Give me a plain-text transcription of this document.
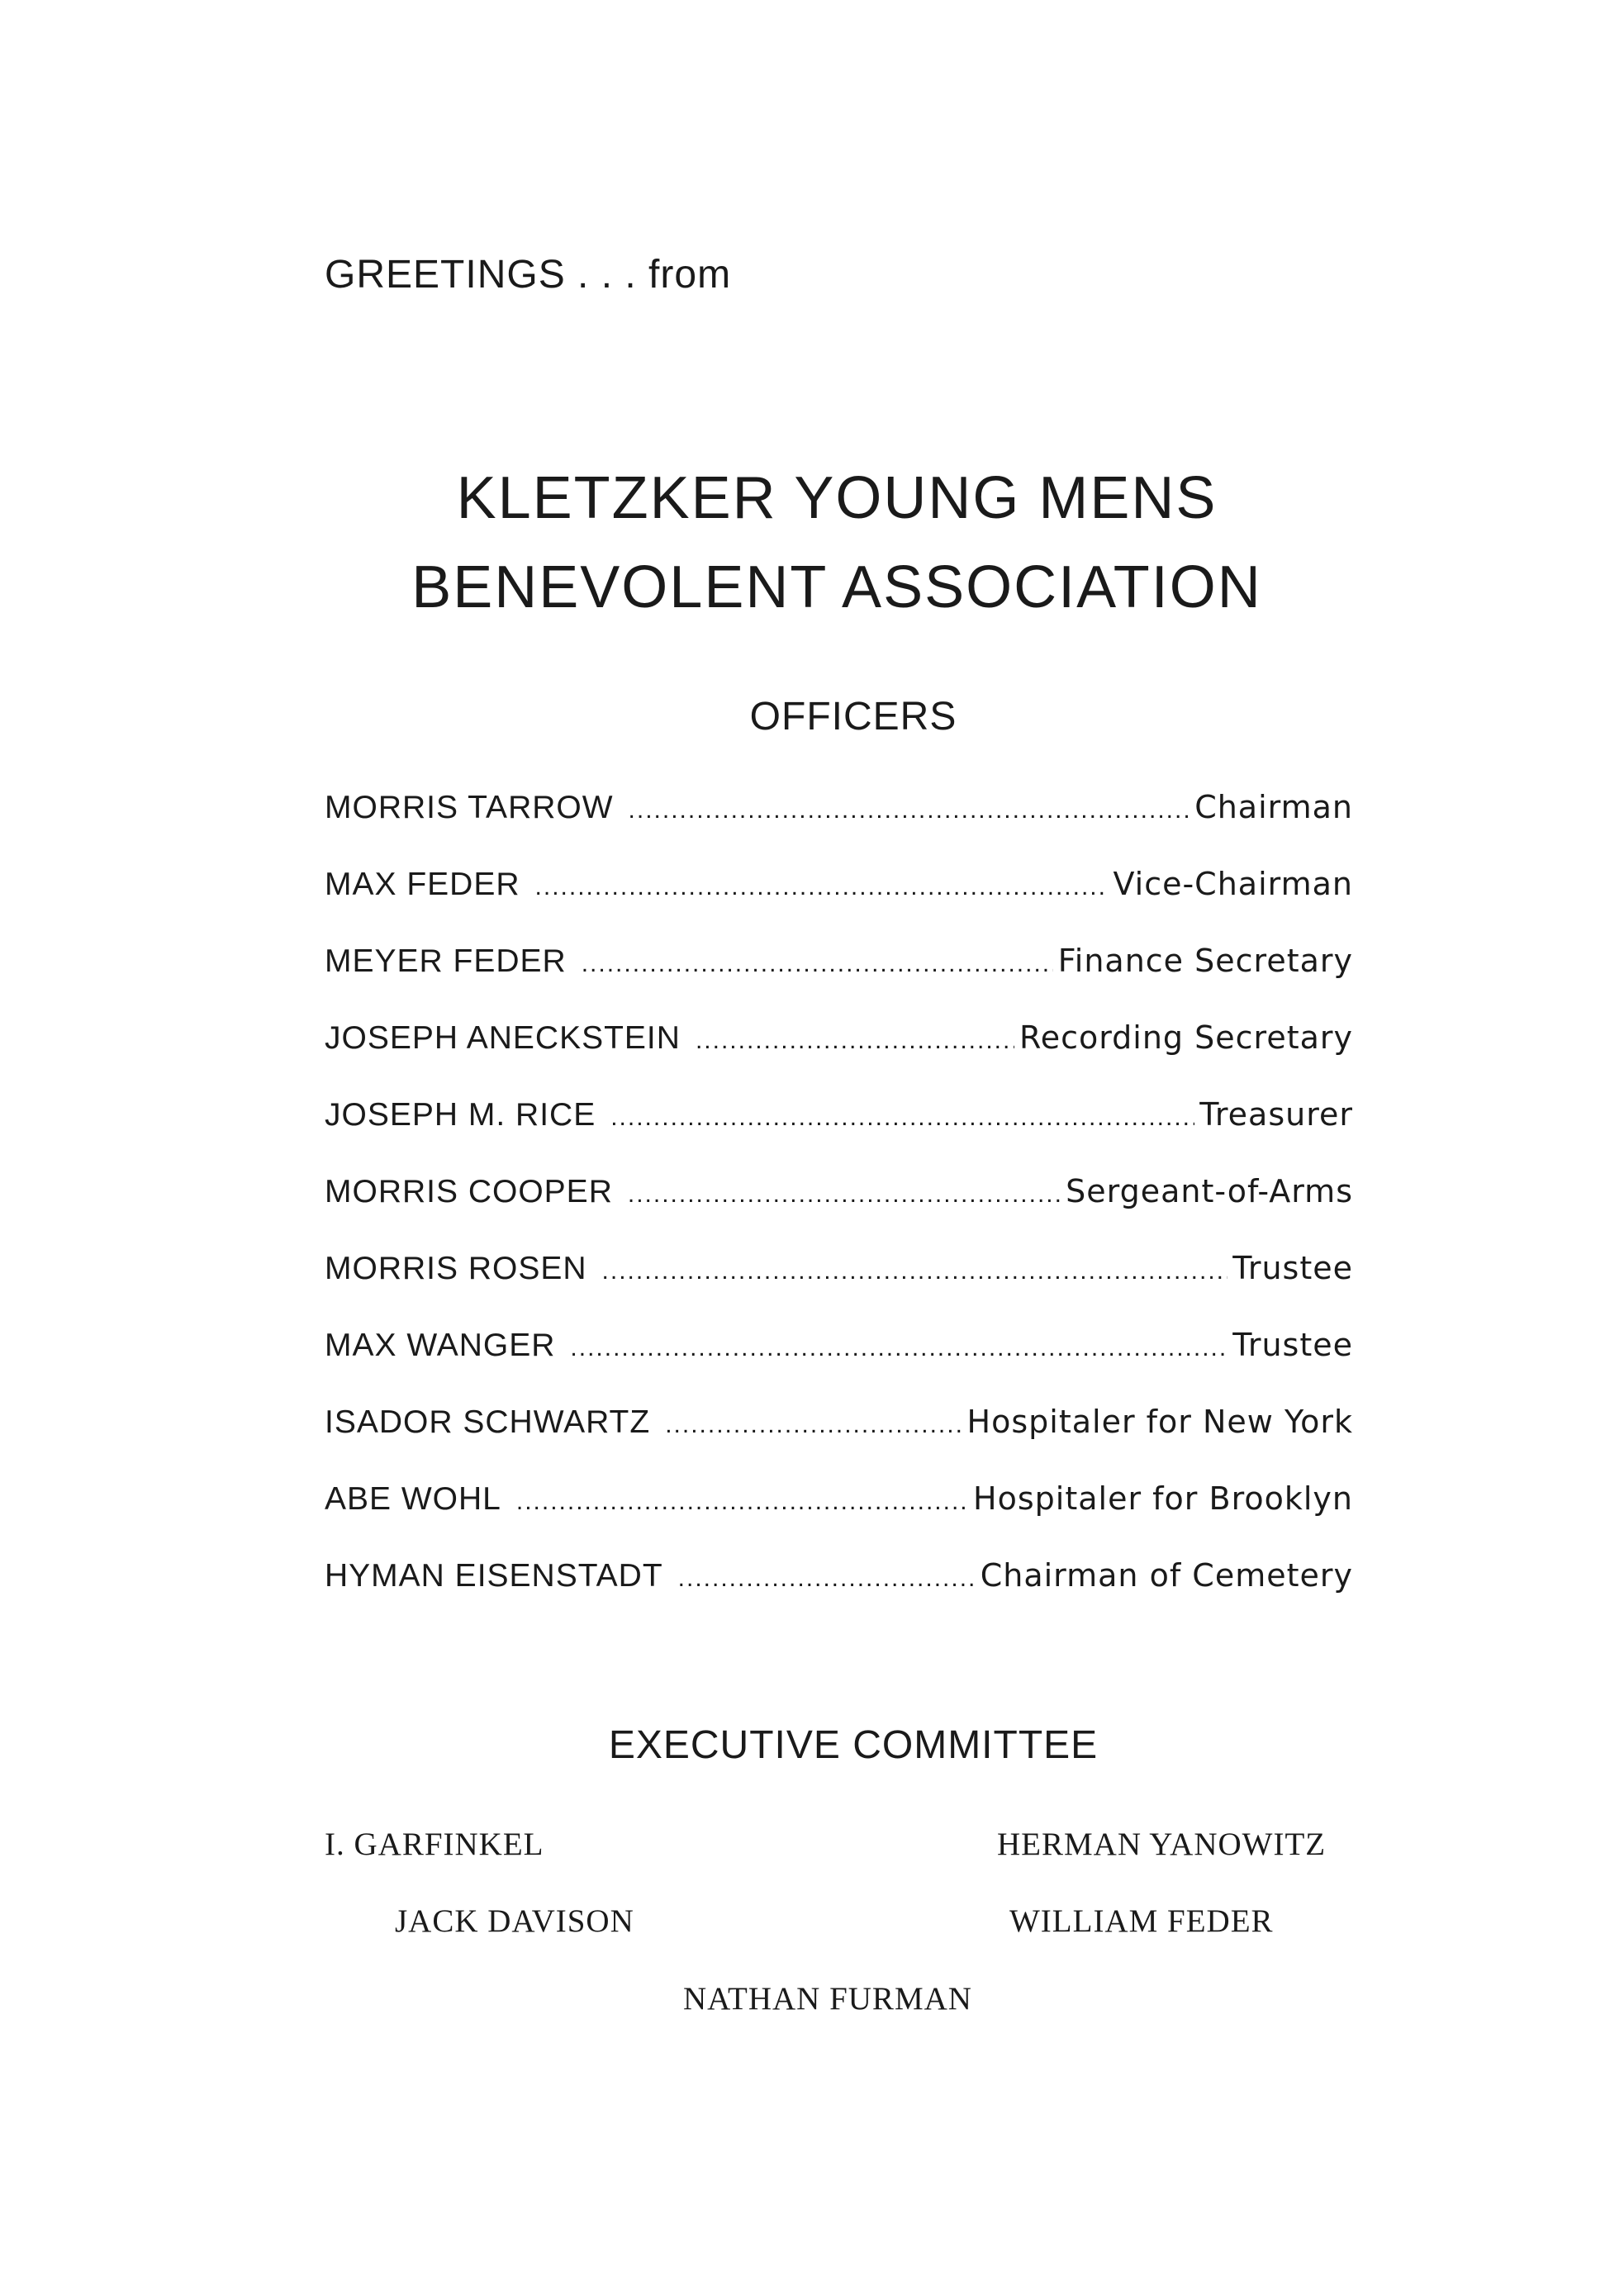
GREETINGS . . . from
KLETZKER YOUNG MENS
BENEVOLENT ASSOCIATION
OFFICERS
MORRIS TARROW .....	Chairman
MAX FEDER .....	Vice-Chairman
MEYER FEDER .....	Finance Secretary
JOSEPH ANECKSTEIN .....	Recording Secretary
JOSEPH M. RICE .....	Treasurer
MORRIS COOPER .....	Sergeant-of-Arms
MORRIS ROSEN .....	Trustee
MAX WANGER .....	Trustee
ISADOR SCHWARTZ .....	Hospitaler for New York
ABE WOHL .....	Hospitaler for Brooklyn
HYMAN EISENSTADT .....	Chairman of Cemetery
EXECUTIVE COMMITTEE
I. GARFINKEL	HERMAN YANOWITZ
JACK DAVISON	WILLIAM FEDER
NATHAN FURMAN
